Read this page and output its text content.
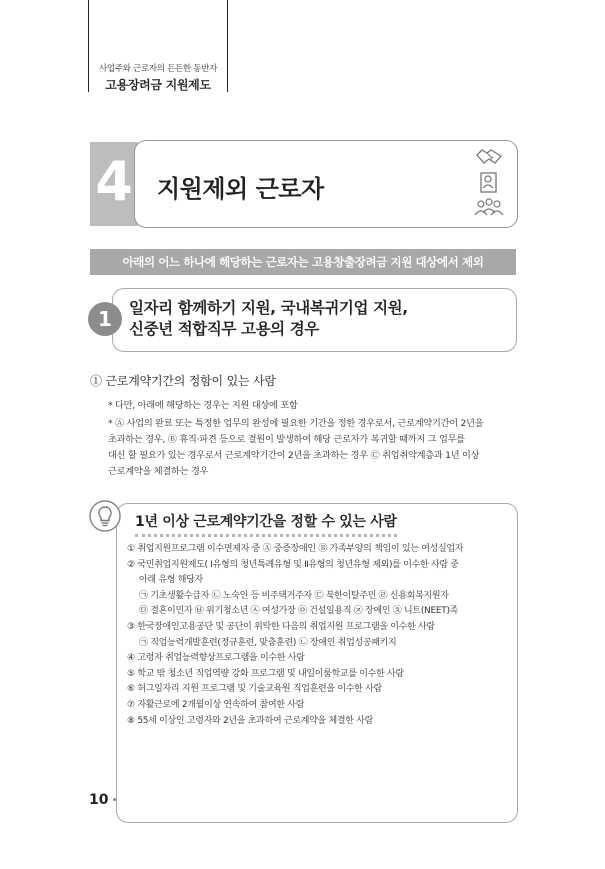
사업주와 근로자의 든든한 동반자
고용장려금 지원제도
4 지원제외 근로자
아래의 어느 하나에 해당하는 근로자는 고용창출장려금 지원 대상에서 제외
일자리 함께하기 지원, 국내복귀기업 지원,
신중년 적합직무 고용의 경우
1
① 근로계약기간의 정함이 있는 사람
* 다만, 아래에 해당하는 경우는 지원 대상에 포함
* Ⓐ 사업의 완료 또는 특정한 업무의 완성에 필요한 기간을 정한 경우로서, 근로계약기간이 2년을
초과하는 경우, Ⓑ 휴직·파견 등으로 결원이 발생하여 해당 근로자가 복귀할 때까지 그 업무를
대신 할 필요가 있는 경우로서 근로계약기간이 2년을 초과하는 경우 Ⓒ 취업취약계층과 1년 이상
근로계약을 체결하는 경우
1년 이상 근로계약기간을 정할 수 있는 사람
① 취업지원프로그램 이수면제자 중 Ⓐ 중증장애인 Ⓑ 가족부양의 책임이 있는 여성실업자
② 국민취업지원제도( Ⅰ유형의 청년특례유형 및 Ⅱ유형의 청년유형 제외)를 이수한 사람 중
아래 유형 해당자
㉠ 기초생활수급자 ㉡ 노숙인 등 비주택거주자 ㉢ 북한이탈주민 ㉣ 신용회복지원자
㉤ 결혼이민자 ㉥ 위기청소년 ㉦ 여성가장 ㉧ 건설일용직 ㉨ 장애인 ㉩ 니트(NEET)족
③ 한국장애인고용공단 및 공단이 위탁한 다음의 취업지원 프로그램을 이수한 사람
㉠ 직업능력개발훈련(정규훈련, 맞춤훈련) ㉡ 장애인 취업성공패키지
④ 고령자 취업능력향상프로그램을 이수한 사람
⑤ 학교 밖 청소년 직업역량 강화 프로그램 및 내일이룸학교를 이수한 사람
⑥ 허그일자리 지원 프로그램 및 기술교육원 직업훈련을 이수한 사람
⑦ 자활근로에 2개월이상 연속하여 참여한 사람
⑧ 55세 이상인 고령자와 2년을 초과하여 근로계약을 체결한 사람
10
